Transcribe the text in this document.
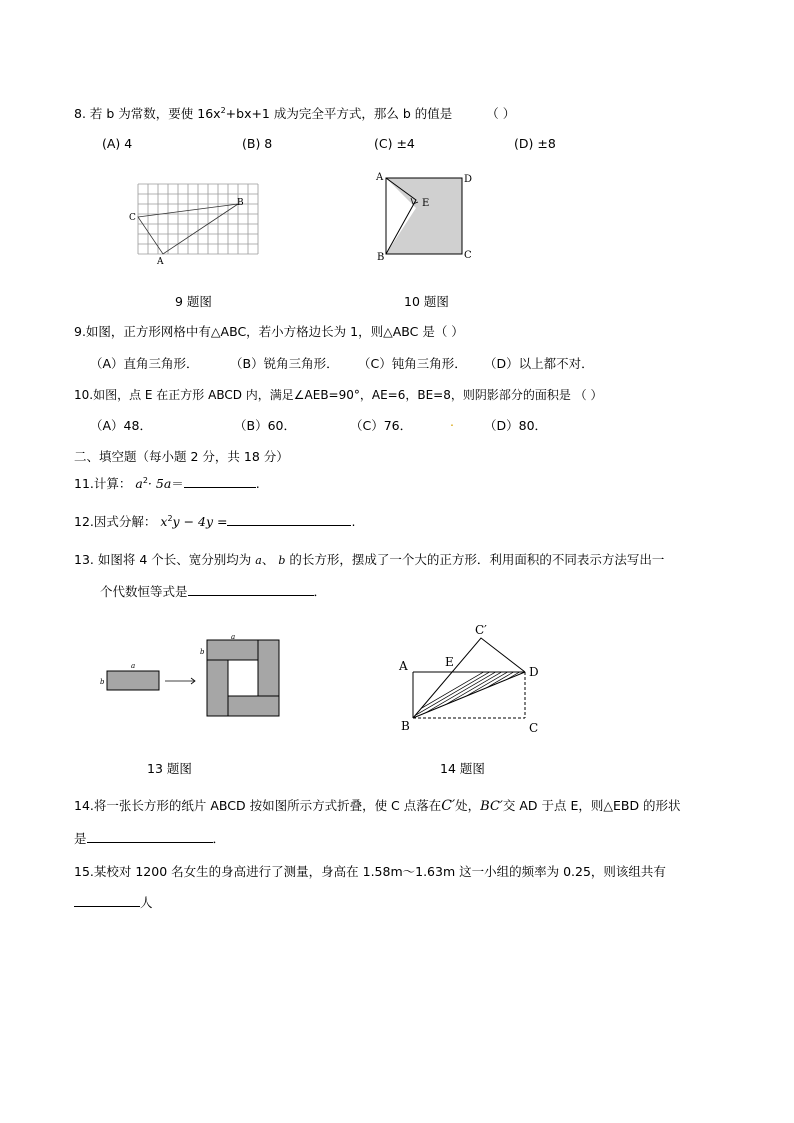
8. 若 b 为常数，要使 $16x^2+bx+1$ 成为完全平方式，那么 b 的值是	（ ）
(A) 4	(B) 8	(C) ±4	(D) ±8
A
B
C
A	D
B	C
E
9 题图	10 题图
9.如图，正方形网格中有△ABC，若小方格边长为 1，则△ABC 是（ ）
（A）直角三角形．	（B）锐角三角形． （C）钝角三角形． （D）以上都不对．
10.如图，点 E 在正方形 ABCD 内，满足∠AEB=90°，AE=6，BE=8，则阴影部分的面积是 （ ）
（A）48．	（B）60．	（C）76．	. （D）80．
二、填空题（每小题 2 分，共 18 分）
11.计算： $a^2\cdot 5a=$	.
12.因式分解： $x^2y - 4y$ =	.
13. 如图将 4 个长、宽分别均为 a、 b 的长方形，摆成了一个大的正方形．利用面积的不同表示方法写出一
个代数恒等式是	．
a
b
a
b
A	E
C′
D
B	C
13 题图	14 题图
14.将一张长方形的纸片 ABCD 按如图所示方式折叠，使 C 点落在C′处，BC′交 AD 于点 E，则△EBD 的形状
是	．
15.某校对 1200 名女生的身高进行了测量，身高在 1.58m～1.63m 这一小组的频率为 0.25，则该组共有
人
